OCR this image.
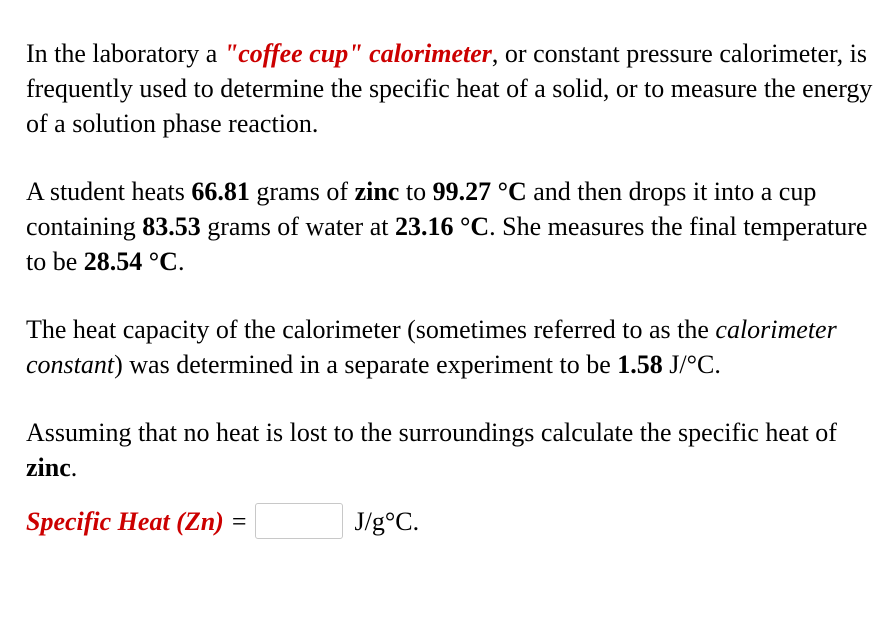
In the laboratory a "coffee cup" calorimeter, or constant pressure calorimeter, is frequently used to determine the specific heat of a solid, or to measure the energy of a solution phase reaction.

A student heats 66.81 grams of zinc to 99.27 °C and then drops it into a cup containing 83.53 grams of water at 23.16 °C. She measures the final temperature to be 28.54 °C.

The heat capacity of the calorimeter (sometimes referred to as the calorimeter constant) was determined in a separate experiment to be 1.58 J/°C.

Assuming that no heat is lost to the surroundings calculate the specific heat of zinc.

Specific Heat (Zn) =	J/g°C.
